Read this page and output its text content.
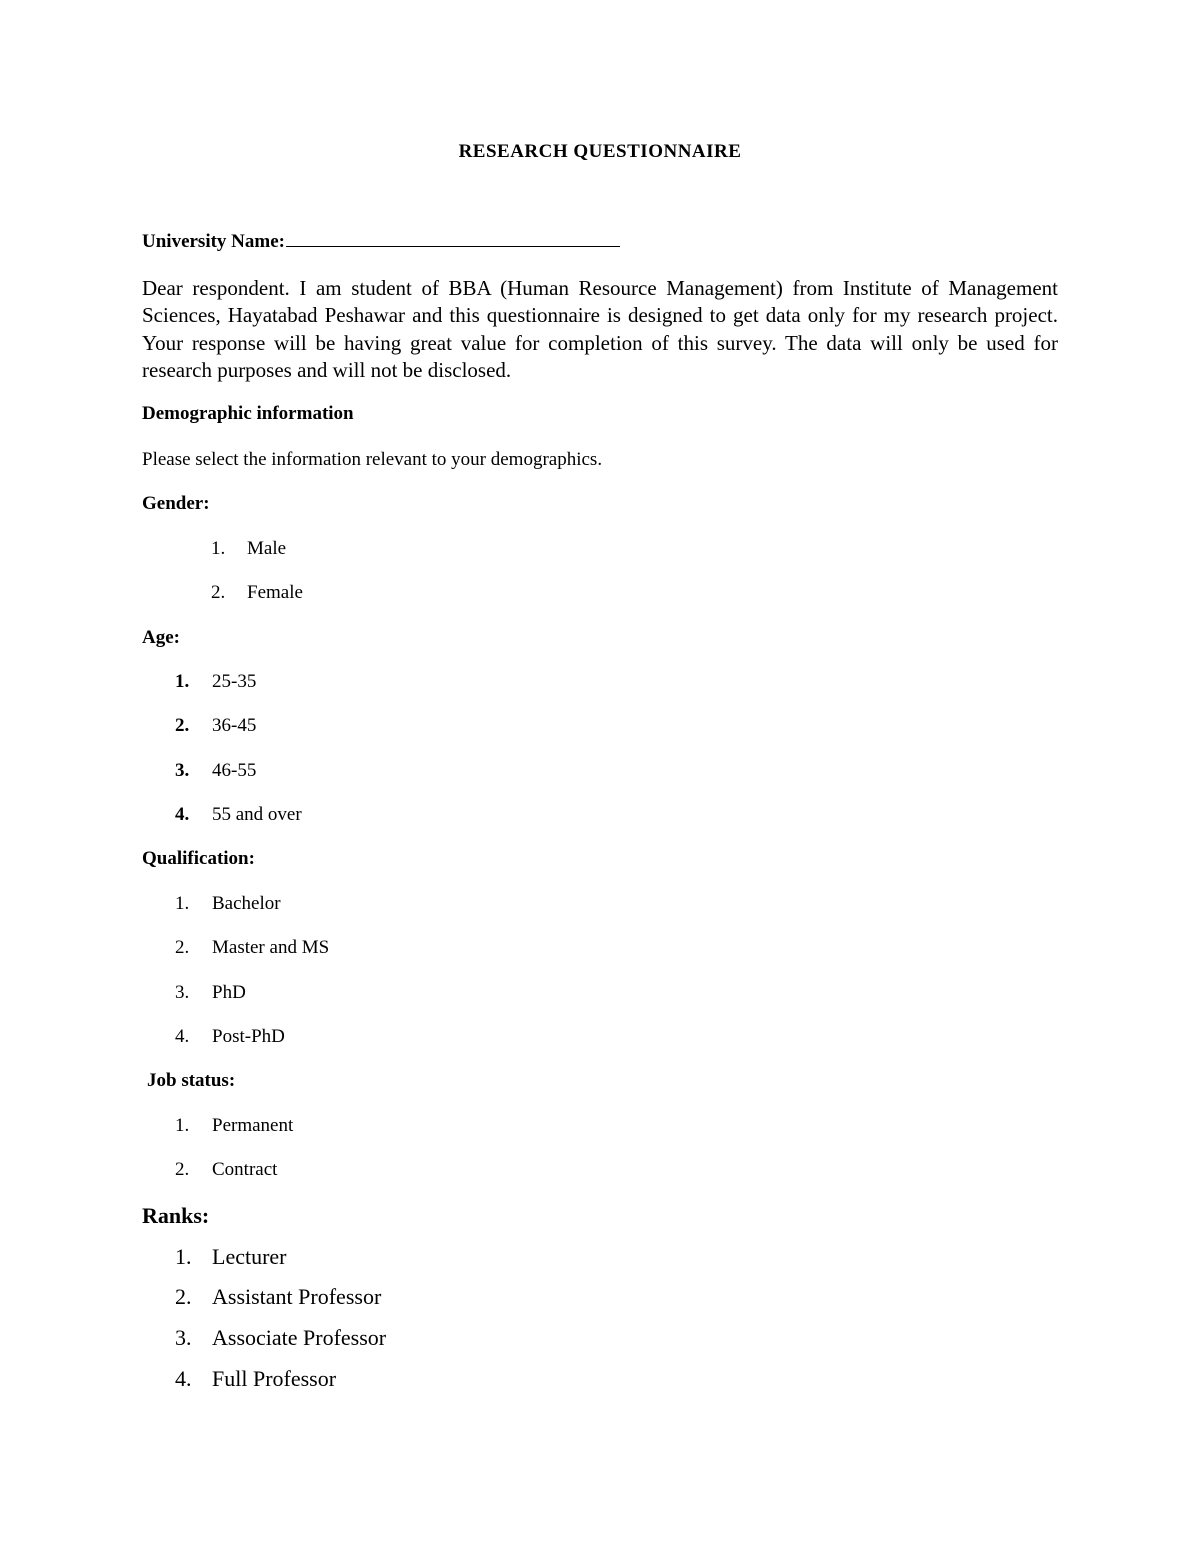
RESEARCH QUESTIONNAIRE
University Name:
Dear respondent. I am student of BBA (Human Resource Management) from Institute of Management Sciences, Hayatabad Peshawar and this questionnaire is designed to get data only for my research project. Your response will be having great value for completion of this survey. The data will only be used for research purposes and will not be disclosed.
Demographic information
Please select the information relevant to your demographics.
Gender:
1. Male
2. Female
Age:
1. 25-35
2. 36-45
3. 46-55
4. 55 and over
Qualification:
1. Bachelor
2. Master and MS
3. PhD
4. Post-PhD
Job status:
1. Permanent
2. Contract
Ranks:
1. Lecturer
2. Assistant Professor
3. Associate Professor
4. Full Professor
